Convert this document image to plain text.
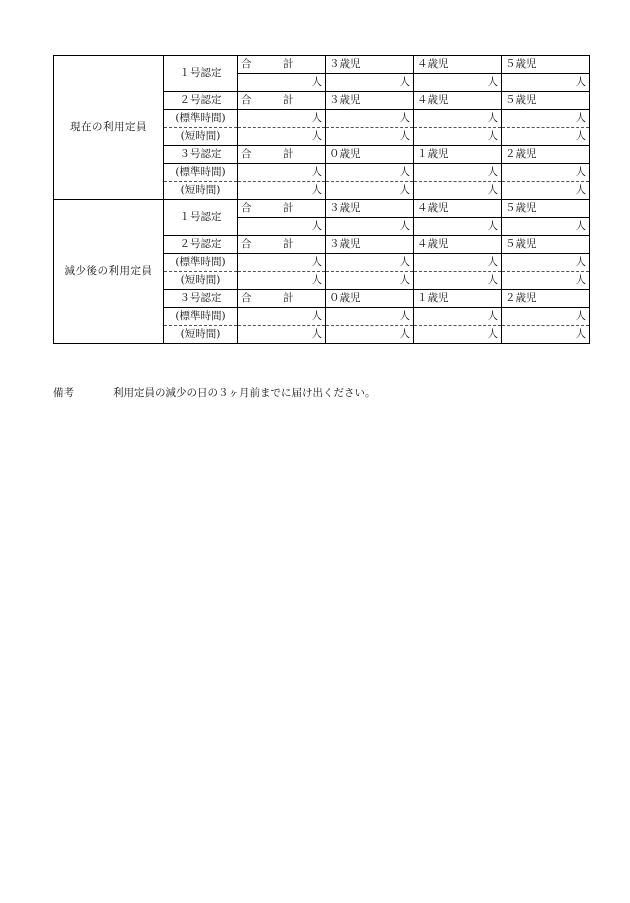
現在の利用定員	１号認定	合　　　計	３歳児	４歳児	５歳児
		人	人	人	人
	２号認定	合　　　計	３歳児	４歳児	５歳児
	(標準時間)	人	人	人	人
	(短時間)	人	人	人	人
	３号認定	合　　　計	０歳児	１歳児	２歳児
	(標準時間)	人	人	人	人
	(短時間)	人	人	人	人
減少後の利用定員	１号認定	合　　　計	３歳児	４歳児	５歳児
		人	人	人	人
	２号認定	合　　　計	３歳児	４歳児	５歳児
	(標準時間)	人	人	人	人
	(短時間)	人	人	人	人
	３号認定	合　　　計	０歳児	１歳児	２歳児
	(標準時間)	人	人	人	人
	(短時間)	人	人	人	人
備考	利用定員の減少の日の３ヶ月前までに届け出ください。
